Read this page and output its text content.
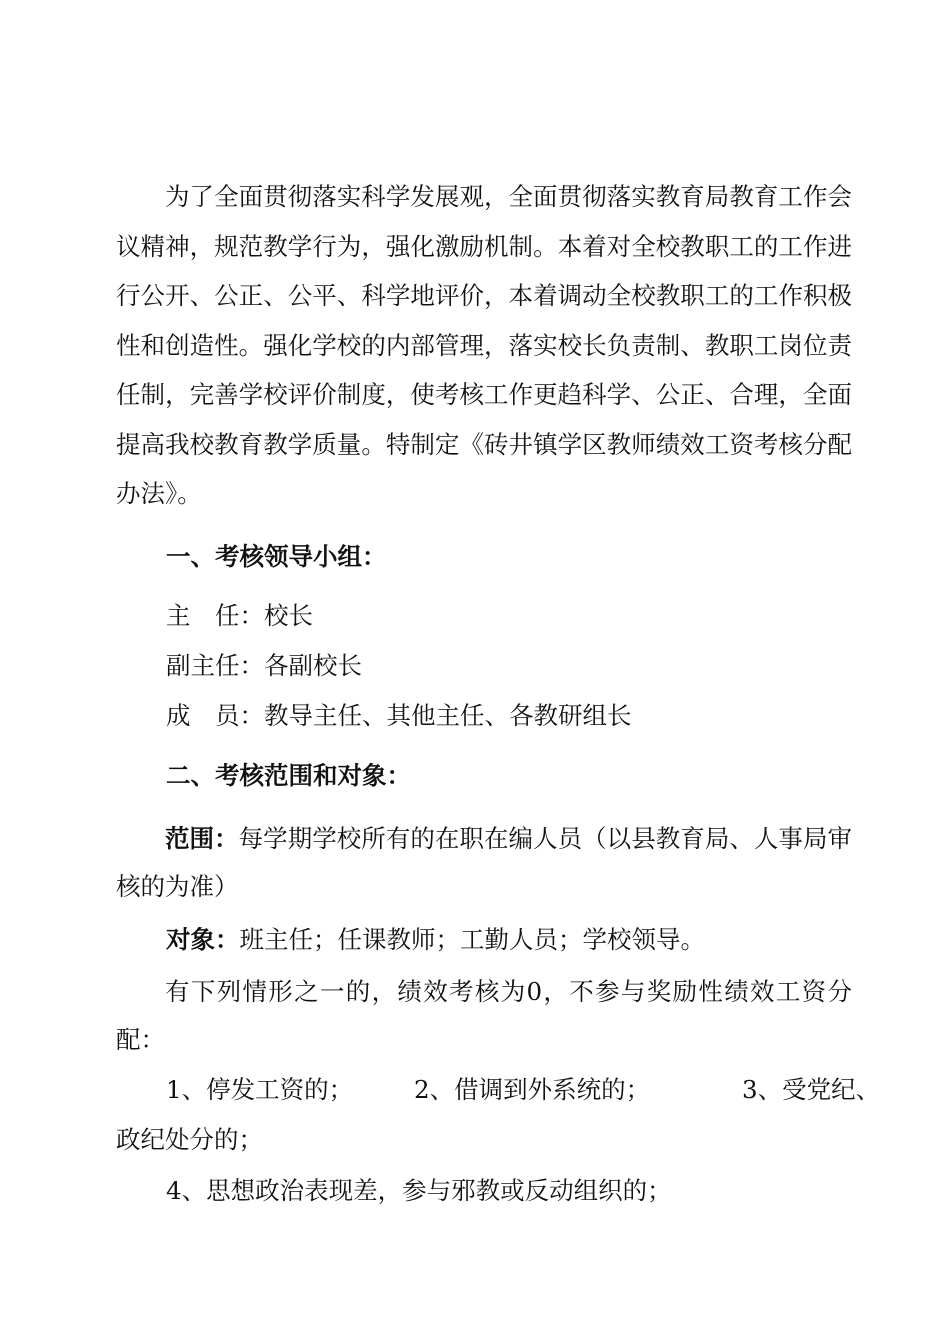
为了全面贯彻落实科学发展观，全面贯彻落实教育局教育工作会议精神，规范教学行为，强化激励机制。本着对全校教职工的工作进行公开、公正、公平、科学地评价，本着调动全校教职工的工作积极性和创造性。强化学校的内部管理，落实校长负责制、教职工岗位责任制，完善学校评价制度，使考核工作更趋科学、公正、合理，全面提高我校教育教学质量。特制定《砖井镇学区教师绩效工资考核分配办法》。

一、考核领导小组：

主　任：校长

副主任：各副校长

成　员：教导主任、其他主任、各教研组长

二、考核范围和对象：

范围：每学期学校所有的在职在编人员（以县教育局、人事局审核的为准）

对象：班主任；任课教师；工勤人员；学校领导。

有下列情形之一的，绩效考核为0，不参与奖励性绩效工资分配：

1、停发工资的； 2、借调到外系统的；	3、受党纪、

政纪处分的；

4、思想政治表现差，参与邪教或反动组织的；
